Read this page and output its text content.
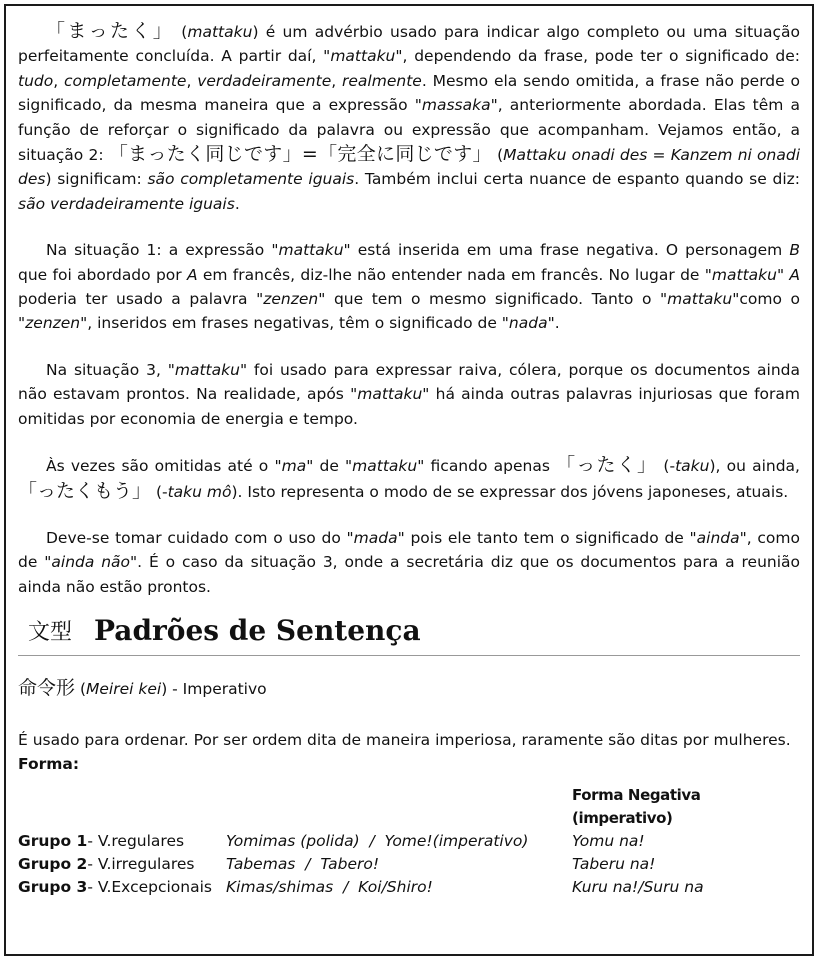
「まったく」 (mattaku) é um advérbio usado para indicar algo completo ou uma situação perfeitamente concluída. A partir daí, "mattaku", dependendo da frase, pode ter o significado de: tudo, completamente, verdadeiramente, realmente. Mesmo ela sendo omitida, a frase não perde o significado, da mesma maneira que a expressão "massaka", anteriormente abordada. Elas têm a função de reforçar o significado da palavra ou expressão que acompanham. Vejamos então, a situação 2: 「まったく同じです」=「完全に同じです」 (Mattaku onadi des = Kanzem ni onadi des) significam: são completamente iguais. Também inclui certa nuance de espanto quando se diz: são verdadeiramente iguais.

Na situação 1: a expressão "mattaku" está inserida em uma frase negativa. O personagem B que foi abordado por A em francês, diz-lhe não entender nada em francês. No lugar de "mattaku" A poderia ter usado a palavra "zenzen" que tem o mesmo significado. Tanto o "mattaku"como o "zenzen", inseridos em frases negativas, têm o significado de "nada".

Na situação 3, "mattaku" foi usado para expressar raiva, cólera, porque os documentos ainda não estavam prontos. Na realidade, após "mattaku" há ainda outras palavras injuriosas que foram omitidas por economia de energia e tempo.

Às vezes são omitidas até o "ma" de "mattaku" ficando apenas 「ったく」 (-taku), ou ainda, 「ったくもう」 (-taku mô). Isto representa o modo de se expressar dos jóvens japoneses, atuais.

Deve-se tomar cuidado com o uso do "mada" pois ele tanto tem o significado de "ainda", como de "ainda não". É o caso da situação 3, onde a secretária diz que os documentos para a reunião ainda não estão prontos.

文型 Padrões de Sentença
命令形 (Meirei kei) - Imperativo
É usado para ordenar. Por ser ordem dita de maneira imperiosa, raramente são ditas por mulheres.
Forma:
		Forma Negativa (imperativo)
Grupo 1- V.regulares	Yomimas (polida)  /  Yome!(imperativo)	Yomu na!
Grupo 2- V.irregulares	Tabemas  /  Tabero!	Taberu na!
Grupo 3- V.Excepcionais	Kimas/shimas  /  Koi/Shiro!	Kuru na!/Suru na
